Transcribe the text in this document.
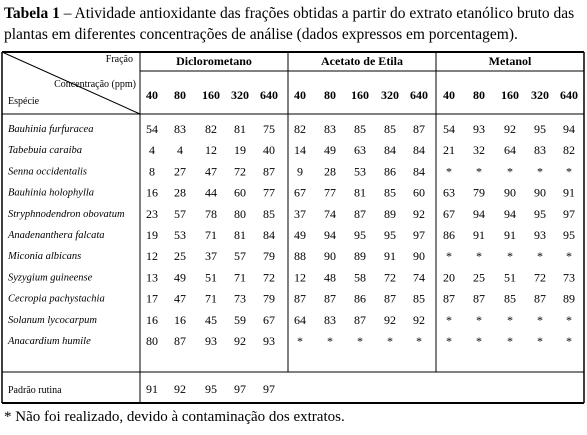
Tabela 1 – Atividade antioxidante das frações obtidas a partir do extrato etanólico bruto das plantas em diferentes concentrações de análise (dados expressos em porcentagem).
Fração
Concentração (ppm)
Espécie
Diclorometano	Acetato de Etila	Metanol
40 80 160 320 640 40 80 160 320 640 40 80 160 320 640
Bauhinia furfuracea	54 83 82 81 75 82 83 85 85 87 54 93 92 95 94
Tabebuia caraiba	4 4 12 19 40 14 49 63 84 84 21 32 64 83 82
Senna occidentalis	8 27 47 72 87 9 28 53 86 84 * * * * *
Bauhinia holophylla	16 28 44 60 77 67 77 81 85 60 63 79 90 90 91
Stryphnodendron obovatum 23 57 78 80 85 37 74 87 89 92 67 94 94 95 97
Anadenanthera falcata	19 53 71 81 84 49 94 95 95 97 86 91 91 93 95
Miconia albicans	12 25 37 57 79 88 90 89 91 90 * * * * *
Syzygium guineense	13 49 51 71 72 12 48 58 72 74 20 25 51 72 73
Cecropia pachystachia	17 47 71 73 79 87 87 86 87 85 87 87 85 87 89
Solanum lycocarpum	16 16 45 59 67 64 83 87 92 92 * * * * *
Anacardium humile	80 87 93 92 93 * * * * * * * * * *
Padrão rutina	91 92 95 97 97
* Não foi realizado, devido à contaminação dos extratos.
